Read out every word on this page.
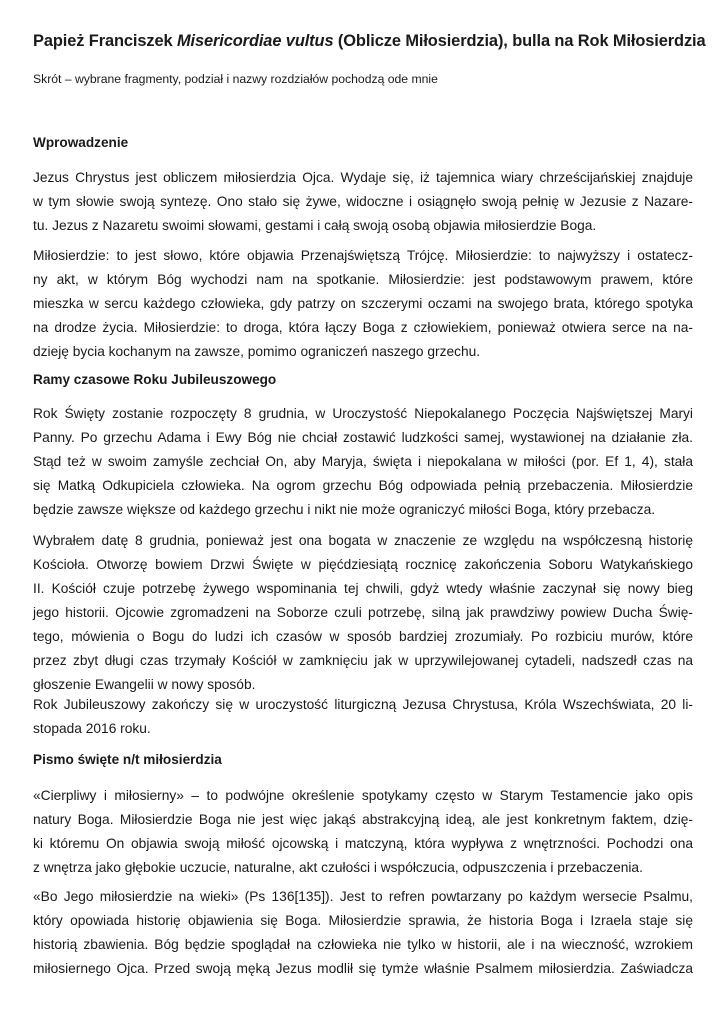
Papież Franciszek Misericordiae vultus (Oblicze Miłosierdzia), bulla na Rok Miłosierdzia
Skrót – wybrane fragmenty, podział i nazwy rozdziałów pochodzą ode mnie
Wprowadzenie
Jezus Chrystus jest obliczem miłosierdzia Ojca. Wydaje się, iż tajemnica wiary chrześcijańskiej znajduje
w tym słowie swoją syntezę. Ono stało się żywe, widoczne i osiągnęło swoją pełnię w Jezusie z Nazare-
tu. Jezus z Nazaretu swoimi słowami, gestami i całą swoją osobą objawia miłosierdzie Boga.
Miłosierdzie: to jest słowo, które objawia Przenajświętszą Trójcę. Miłosierdzie: to najwyższy i ostatecz-
ny akt, w którym Bóg wychodzi nam na spotkanie. Miłosierdzie: jest podstawowym prawem, które
mieszka w sercu każdego człowieka, gdy patrzy on szczerymi oczami na swojego brata, którego spotyka
na drodze życia. Miłosierdzie: to droga, która łączy Boga z człowiekiem, ponieważ otwiera serce na na-
dzieję bycia kochanym na zawsze, pomimo ograniczeń naszego grzechu.
Ramy czasowe Roku Jubileuszowego
Rok Święty zostanie rozpoczęty 8 grudnia, w Uroczystość Niepokalanego Poczęcia Najświętszej Maryi
Panny. Po grzechu Adama i Ewy Bóg nie chciał zostawić ludzkości samej, wystawionej na działanie zła.
Stąd też w swoim zamyśle zechciał On, aby Maryja, święta i niepokalana w miłości (por. Ef 1, 4), stała
się Matką Odkupiciela człowieka. Na ogrom grzechu Bóg odpowiada pełnią przebaczenia. Miłosierdzie
będzie zawsze większe od każdego grzechu i nikt nie może ograniczyć miłości Boga, który przebacza.
Wybrałem datę 8 grudnia, ponieważ jest ona bogata w znaczenie ze względu na współczesną historię
Kościoła. Otworzę bowiem Drzwi Święte w pięćdziesiątą rocznicę zakończenia Soboru Watykańskiego
II. Kościół czuje potrzebę żywego wspominania tej chwili, gdyż wtedy właśnie zaczynał się nowy bieg
jego historii. Ojcowie zgromadzeni na Soborze czuli potrzebę, silną jak prawdziwy powiew Ducha Świę-
tego, mówienia o Bogu do ludzi ich czasów w sposób bardziej zrozumiały. Po rozbiciu murów, które
przez zbyt długi czas trzymały Kościół w zamknięciu jak w uprzywilejowanej cytadeli, nadszedł czas na
głoszenie Ewangelii w nowy sposób.
Rok Jubileuszowy zakończy się w uroczystość liturgiczną Jezusa Chrystusa, Króla Wszechświata, 20 li-
stopada 2016 roku.
Pismo święte n/t miłosierdzia
«Cierpliwy i miłosierny» – to podwójne określenie spotykamy często w Starym Testamencie jako opis
natury Boga. Miłosierdzie Boga nie jest więc jakąś abstrakcyjną ideą, ale jest konkretnym faktem, dzię-
ki któremu On objawia swoją miłość ojcowską i matczyną, która wypływa z wnętrzności. Pochodzi ona
z wnętrza jako głębokie uczucie, naturalne, akt czułości i współczucia, odpuszczenia i przebaczenia.
«Bo Jego miłosierdzie na wieki» (Ps 136[135]). Jest to refren powtarzany po każdym wersecie Psalmu,
który opowiada historię objawienia się Boga. Miłosierdzie sprawia, że historia Boga i Izraela staje się
historią zbawienia. Bóg będzie spoglądał na człowieka nie tylko w historii, ale i na wieczność, wzrokiem
miłosiernego Ojca. Przed swoją męką Jezus modlił się tymże właśnie Psalmem miłosierdzia. Zaświadcza
